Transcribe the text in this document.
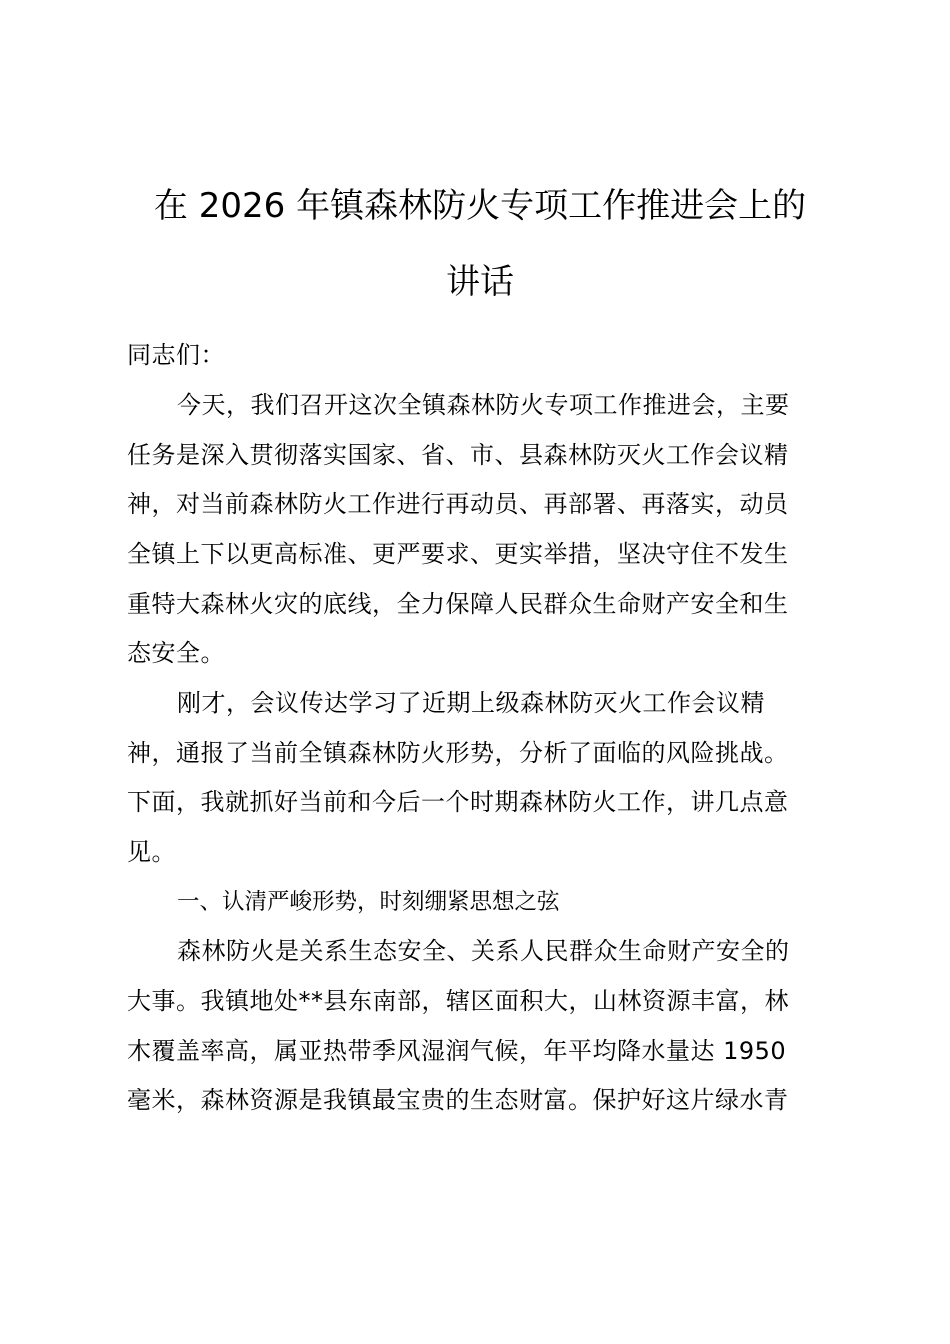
在 2026 年镇森林防火专项工作推进会上的
讲话
同志们：
今天，我们召开这次全镇森林防火专项工作推进会，主要
任务是深入贯彻落实国家、省、市、县森林防灭火工作会议精
神，对当前森林防火工作进行再动员、再部署、再落实，动员
全镇上下以更高标准、更严要求、更实举措，坚决守住不发生
重特大森林火灾的底线，全力保障人民群众生命财产安全和生
态安全。
刚才，会议传达学习了近期上级森林防灭火工作会议精
神，通报了当前全镇森林防火形势，分析了面临的风险挑战。
下面，我就抓好当前和今后一个时期森林防火工作，讲几点意
见。
一、认清严峻形势，时刻绷紧思想之弦
森林防火是关系生态安全、关系人民群众生命财产安全的
大事。我镇地处**县东南部，辖区面积大，山林资源丰富，林
木覆盖率高，属亚热带季风湿润气候，年平均降水量达 1950
毫米，森林资源是我镇最宝贵的生态财富。保护好这片绿水青
